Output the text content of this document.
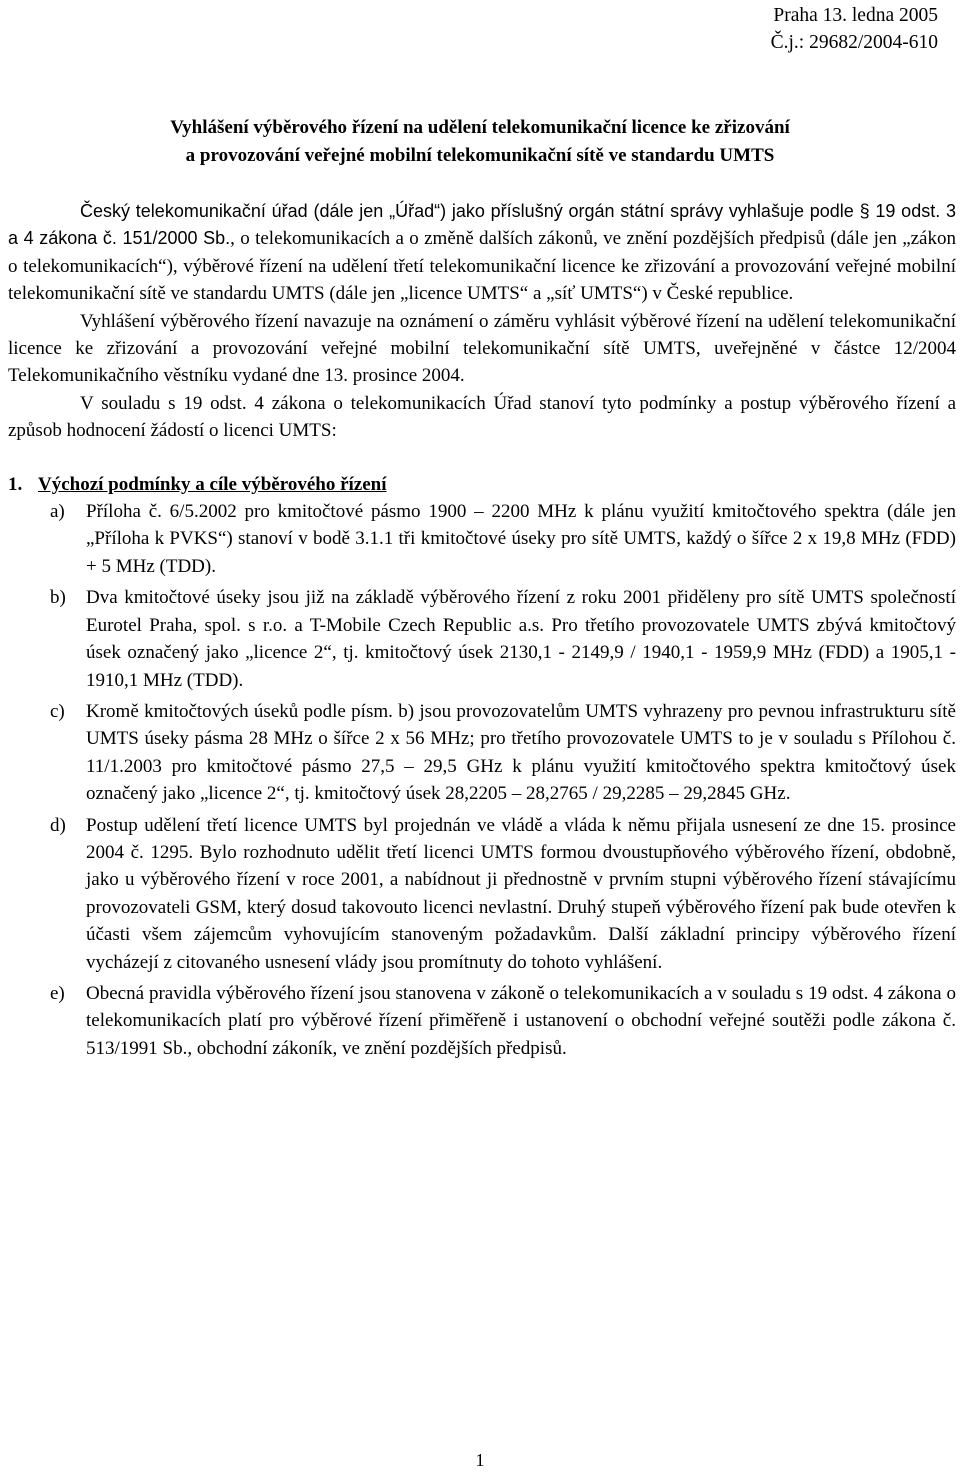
Praha 13. ledna 2005
Č.j.: 29682/2004-610
Vyhlášení výběrového řízení na udělení telekomunikační licence ke zřizování
a provozování veřejné mobilní telekomunikační sítě ve standardu UMTS

Český telekomunikační úřad (dále jen „Úřad“) jako příslušný orgán státní správy vyhlašuje podle § 19 odst. 3 a 4 zákona č. 151/2000 Sb., o telekomunikacích a o změně dalších zákonů, ve znění pozdějších předpisů (dále jen „zákon o telekomunikacích“), výběrové řízení na udělení třetí telekomunikační licence ke zřizování a provozování veřejné mobilní telekomunikační sítě ve standardu UMTS (dále jen „licence UMTS“ a „síť UMTS“) v České republice.

Vyhlášení výběrového řízení navazuje na oznámení o záměru vyhlásit výběrové řízení na udělení telekomunikační licence ke zřizování a provozování veřejné mobilní telekomunikační sítě UMTS, uveřejněné v částce 12/2004 Telekomunikačního věstníku vydané dne 13. prosince 2004.

V souladu s 19 odst. 4 zákona o telekomunikacích Úřad stanoví tyto podmínky a postup výběrového řízení a způsob hodnocení žádostí o licenci UMTS:

1. Výchozí podmínky a cíle výběrového řízení

a)	Příloha č. 6/5.2002 pro kmitočtové pásmo 1900 – 2200 MHz k plánu využití kmitočtového spektra (dále jen „Příloha k PVKS“) stanoví v bodě 3.1.1 tři kmitočtové úseky pro sítě UMTS, každý o šířce 2 x 19,8 MHz (FDD) + 5 MHz (TDD).
b)	Dva kmitočtové úseky jsou již na základě výběrového řízení z roku 2001 přiděleny pro sítě UMTS společností Eurotel Praha, spol. s r.o. a T-Mobile Czech Republic a.s. Pro třetího provozovatele UMTS zbývá kmitočtový úsek označený jako „licence 2“, tj. kmitočtový úsek 2130,1 - 2149,9 / 1940,1 - 1959,9 MHz (FDD) a 1905,1 - 1910,1 MHz (TDD).
c)	Kromě kmitočtových úseků podle písm. b) jsou provozovatelům UMTS vyhrazeny pro pevnou infrastrukturu sítě UMTS úseky pásma 28 MHz o šířce 2 x 56 MHz; pro třetího provozovatele UMTS to je v souladu s Přílohou č. 11/1.2003 pro kmitočtové pásmo 27,5 – 29,5 GHz k plánu využití kmitočtového spektra kmitočtový úsek označený jako „licence 2“, tj. kmitočtový úsek 28,2205 – 28,2765 / 29,2285 – 29,2845 GHz.
d)	Postup udělení třetí licence UMTS byl projednán ve vládě a vláda k němu přijala usnesení ze dne 15. prosince 2004 č. 1295. Bylo rozhodnuto udělit třetí licenci UMTS formou dvoustupňového výběrového řízení, obdobně, jako u výběrového řízení v roce 2001, a nabídnout ji přednostně v prvním stupni výběrového řízení stávajícímu provozovateli GSM, který dosud takovouto licenci nevlastní. Druhý stupeň výběrového řízení pak bude otevřen k účasti všem zájemcům vyhovujícím stanoveným požadavkům. Další základní principy výběrového řízení vycházejí z citovaného usnesení vlády jsou promítnuty do tohoto vyhlášení.
e)	Obecná pravidla výběrového řízení jsou stanovena v zákoně o telekomunikacích a v souladu s 19 odst. 4 zákona o telekomunikacích platí pro výběrové řízení přiměřeně i ustanovení o obchodní veřejné soutěži podle zákona č. 513/1991 Sb., obchodní zákoník, ve znění pozdějších předpisů.
1
